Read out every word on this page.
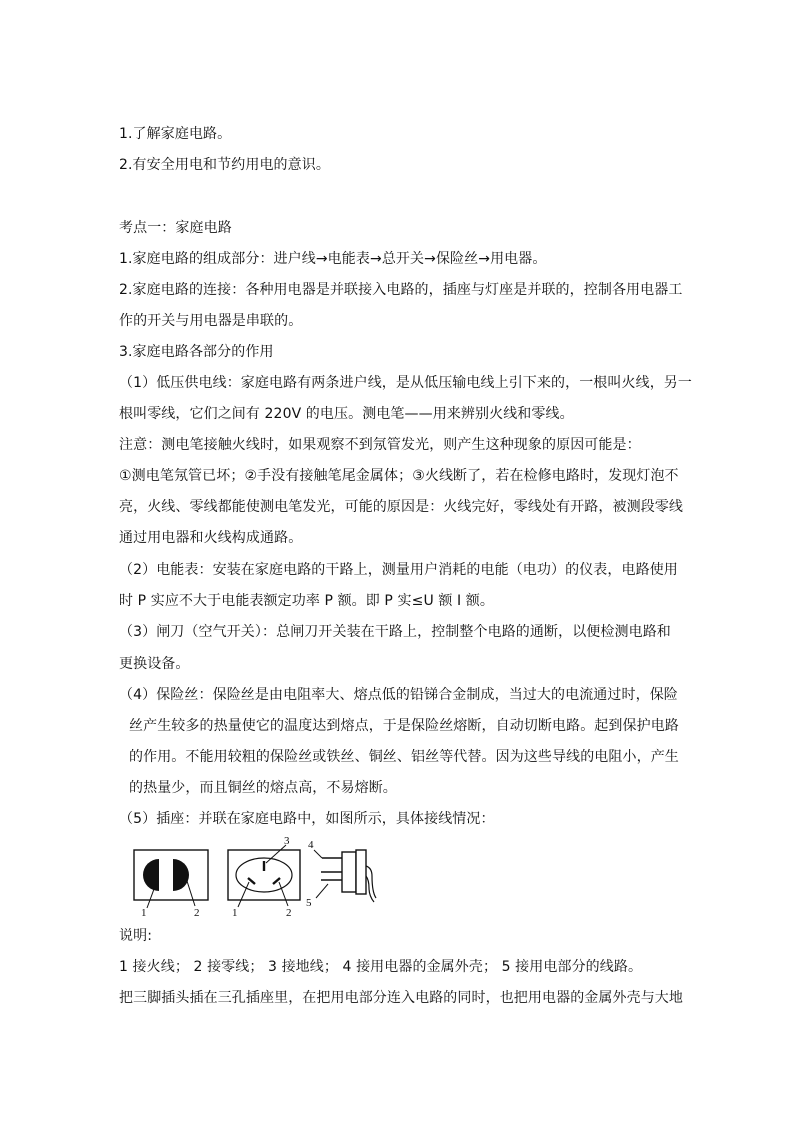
1.了解家庭电路。
2.有安全用电和节约用电的意识。
考点一：家庭电路
1.家庭电路的组成部分：进户线→电能表→总开关→保险丝→用电器。
2.家庭电路的连接：各种用电器是并联接入电路的，插座与灯座是并联的，控制各用电器工
作的开关与用电器是串联的。
3.家庭电路各部分的作用
（1）低压供电线：家庭电路有两条进户线，是从低压输电线上引下来的，一根叫火线，另一
根叫零线，它们之间有 220V 的电压。测电笔——用来辨别火线和零线。
注意：测电笔接触火线时，如果观察不到氖管发光，则产生这种现象的原因可能是：
①测电笔氖管已坏；②手没有接触笔尾金属体；③火线断了，若在检修电路时，发现灯泡不
亮，火线、零线都能使测电笔发光，可能的原因是：火线完好，零线处有开路，被测段零线
通过用电器和火线构成通路。
（2）电能表：安装在家庭电路的干路上，测量用户消耗的电能（电功）的仪表，电路使用
时 P 实应不大于电能表额定功率 P 额。即 P 实≤U 额 I 额。
（3）闸刀（空气开关）：总闸刀开关装在干路上，控制整个电路的通断，以便检测电路和
更换设备。
（4）保险丝：保险丝是由电阻率大、熔点低的铅锑合金制成，当过大的电流通过时，保险
丝产生较多的热量使它的温度达到熔点，于是保险丝熔断，自动切断电路。起到保护电路
的作用。不能用较粗的保险丝或铁丝、铜丝、铝丝等代替。因为这些导线的电阻小，产生
的热量少，而且铜丝的熔点高，不易熔断。
（5）插座：并联在家庭电路中，如图所示，具体接线情况：
1	2	1	2
3 4
5
说明:
1 接火线； 2 接零线； 3 接地线； 4 接用电器的金属外壳； 5 接用电部分的线路。
把三脚插头插在三孔插座里，在把用电部分连入电路的同时，也把用电器的金属外壳与大地
